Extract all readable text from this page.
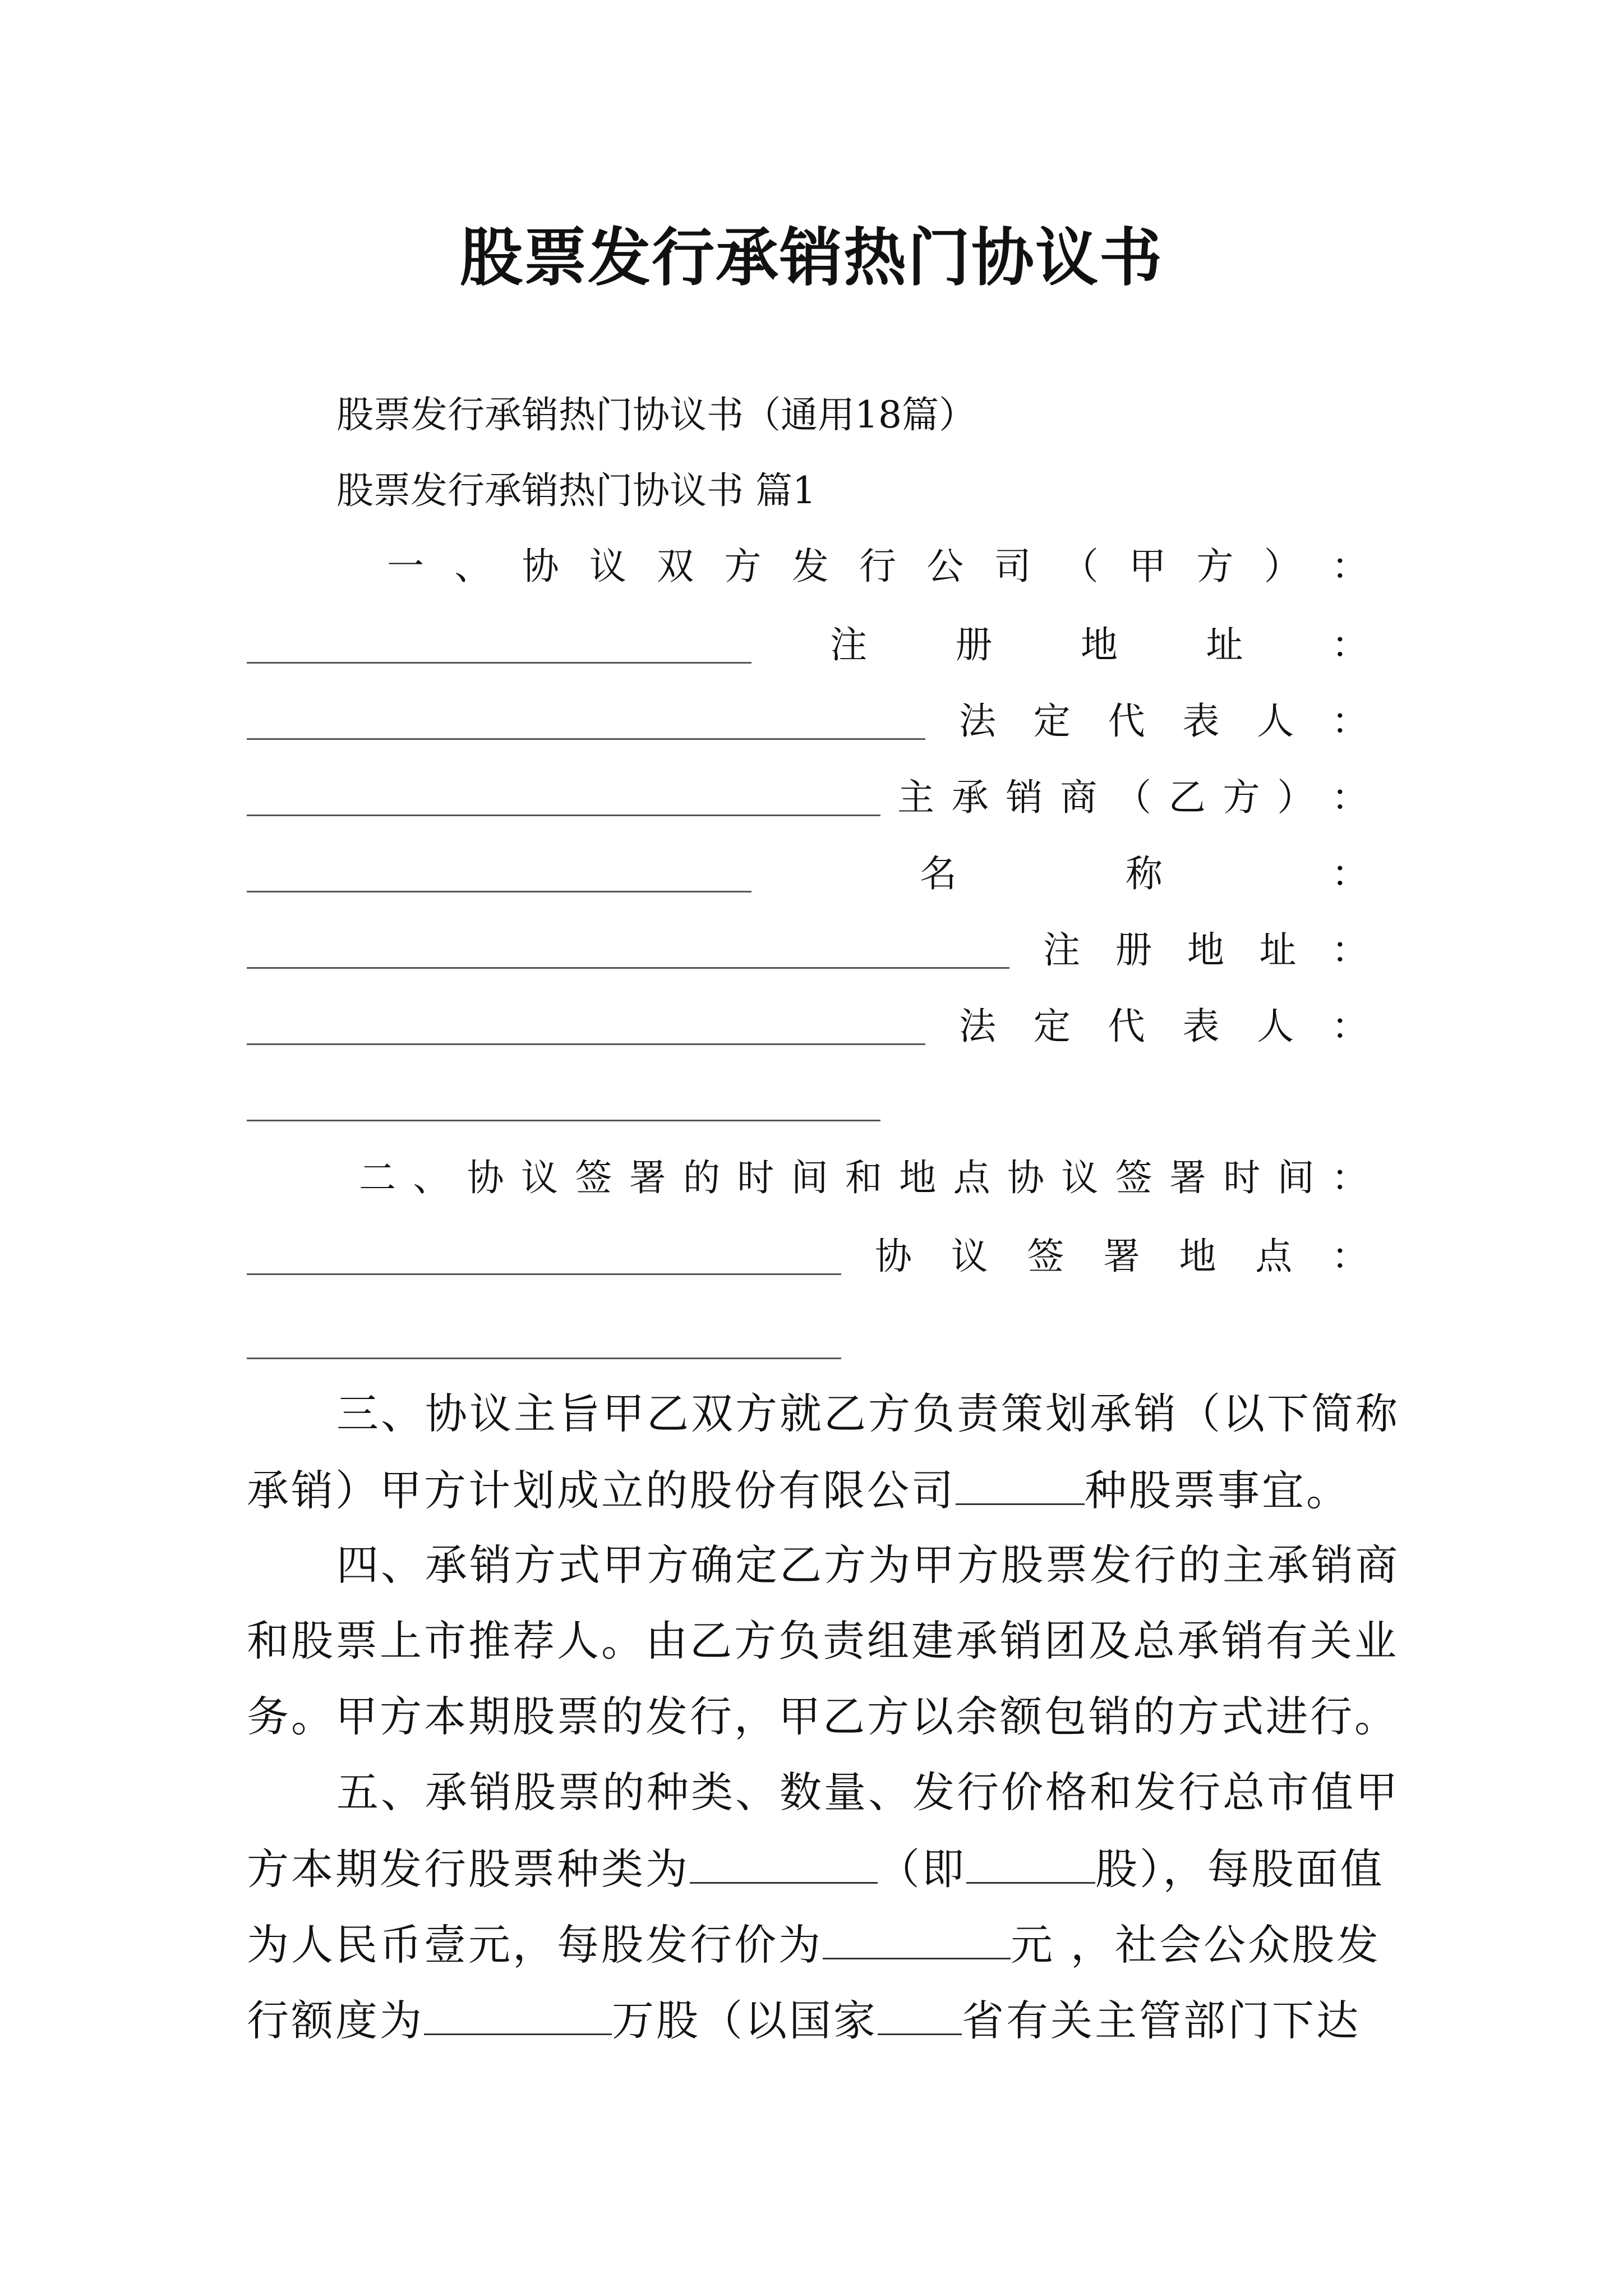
股票发行承销热门协议书
股票发行承销热门协议书（通用18篇）
股票发行承销热门协议书 篇1
一 、 协 议 双 方 发 行 公 司 （ 甲 方 ） ：
注 册 地 址 ：
法 定 代 表 人 ：
主 承 销 商 （ 乙 方 ） ：
名	称	：
注 册 地 址 ：
法 定 代 表 人 ：
二 、 协 议 签 署 的 时 间 和 地 点 协 议 签 署 时 间 ：
协 议 签 署 地 点 ：
三、协议主旨甲乙双方就乙方负责策划承销（以下简称
承销）甲方计划成立的股份有限公司	种股票事宜。
四、承销方式甲方确定乙方为甲方股票发行的主承销商
和股票上市推荐人。由乙方负责组建承销团及总承销有关业
务。甲方本期股票的发行，甲乙方以余额包销的方式进行。
五、承销股票的种类、数量、发行价格和发行总市值甲
方本期发行股票种类为	（即	股），每股面值
为人民币壹元，每股发行价为	元 ，社会公众股发
行额度为	万股（以国家 省有关主管部门下达
